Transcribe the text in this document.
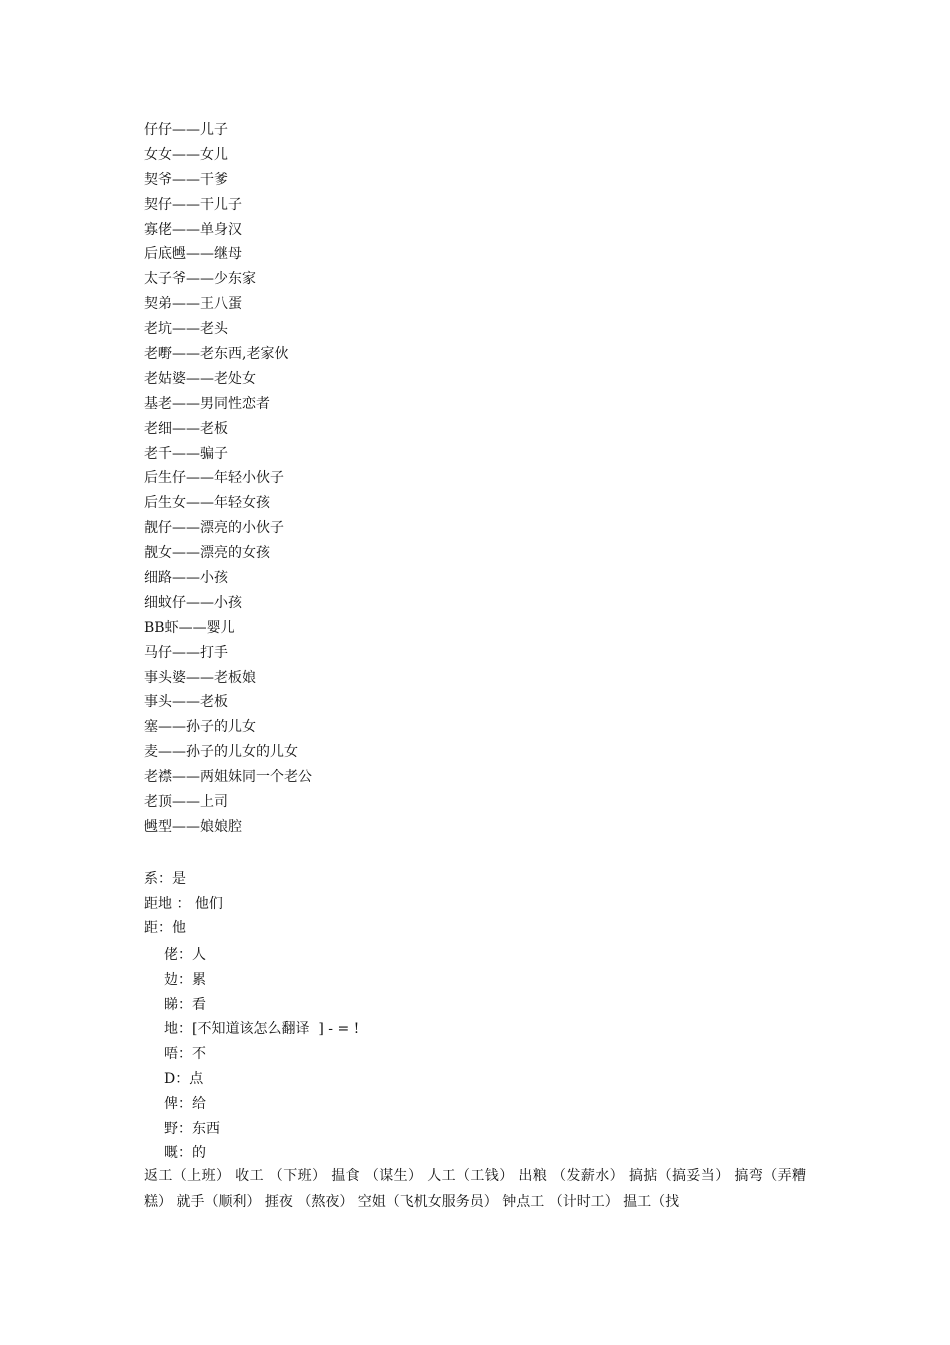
仔仔——儿子
女女——女儿
契爷——干爹
契仔——干儿子
寡佬——单身汉
后底乸——继母
太子爷——少东家
契弟——王八蛋
老坑——老头
老嘢——老东西,老家伙
老姑婆——老处女
基老——男同性恋者
老细——老板
老千——骗子
后生仔——年轻小伙子
后生女——年轻女孩
靓仔——漂亮的小伙子
靓女——漂亮的女孩
细路——小孩
细蚊仔——小孩
BB虾——婴儿
马仔——打手
事头婆——老板娘
事头——老板
塞——孙子的儿女
麦——孙子的儿女的儿女
老襟——两姐妹同一个老公
老顶——上司
乸型——娘娘腔
系：是
距地 ： 他们
距：他
佬：人
攰：累
睇：看
地：[不知道该怎么翻译  ] - = !
唔：不
D：点
俾：给
野：东西
嘅：的

返工（上班） 收工 （下班） 揾食 （谋生） 人工（工钱） 出粮 （发薪水） 搞掂（搞妥当） 搞弯（弄糟糕） 就手（顺利） 捱夜 （熬夜） 空姐（飞机女服务员） 钟点工 （计时工） 揾工（找
